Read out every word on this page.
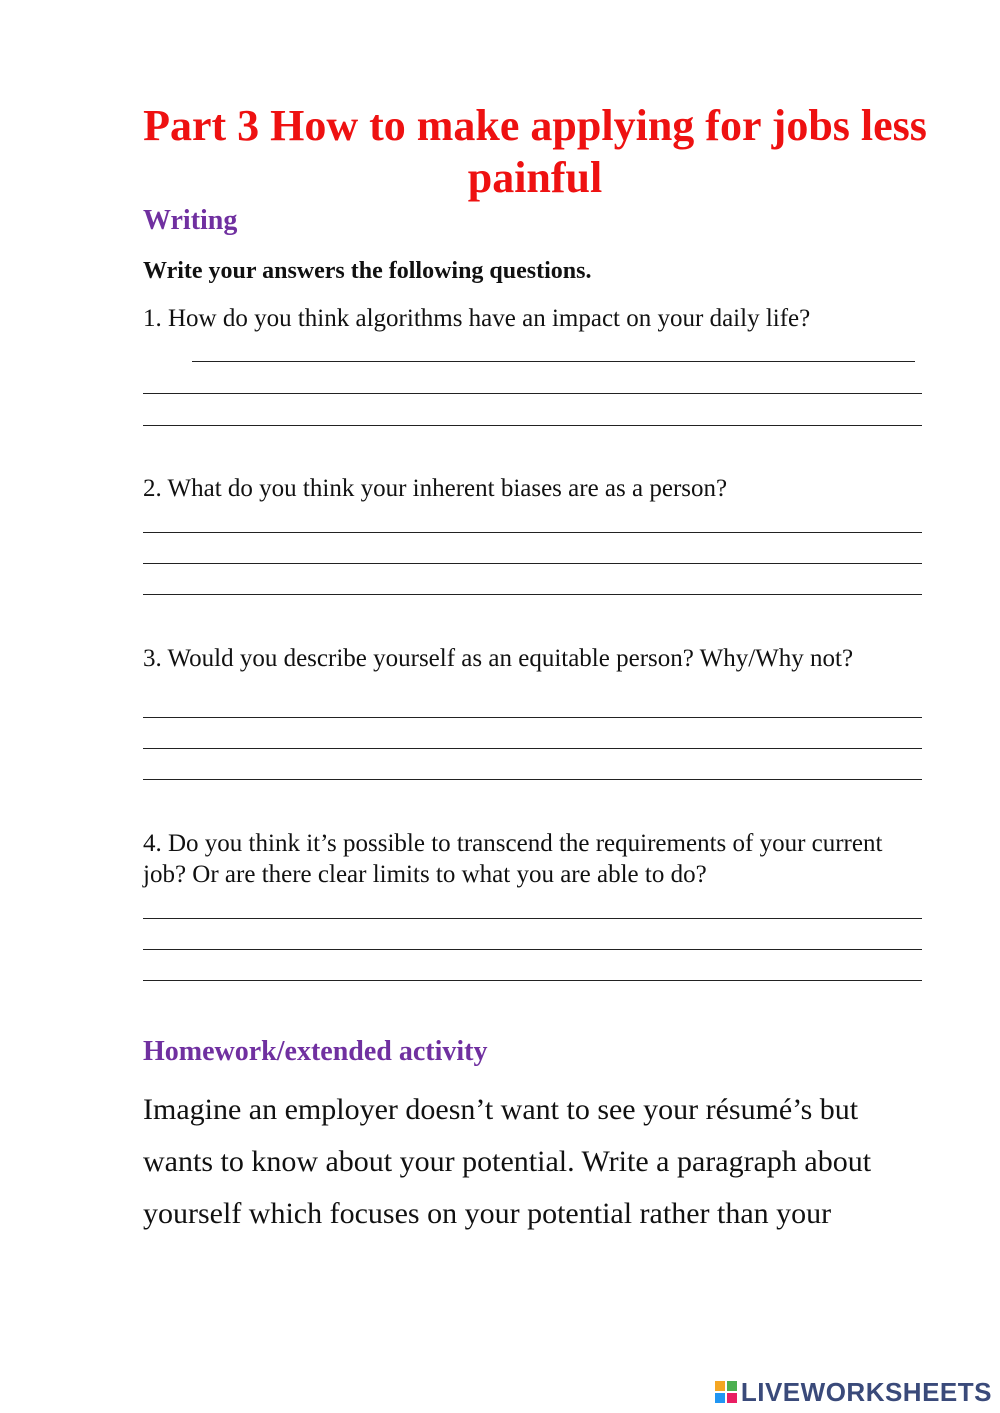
Part 3 How to make applying for jobs less painful
Writing

Write your answers the following questions.

1. How do you think algorithms have an impact on your daily life?

2. What do you think your inherent biases are as a person?

3. Would you describe yourself as an equitable person? Why/Why not?

4. Do you think it’s possible to transcend the requirements of your current job? Or are there clear limits to what you are able to do?

Homework/extended activity

Imagine an employer doesn’t want to see your résumé’s but wants to know about your potential. Write a paragraph about yourself which focuses on your potential rather than your

LIVEWORKSHEETS
